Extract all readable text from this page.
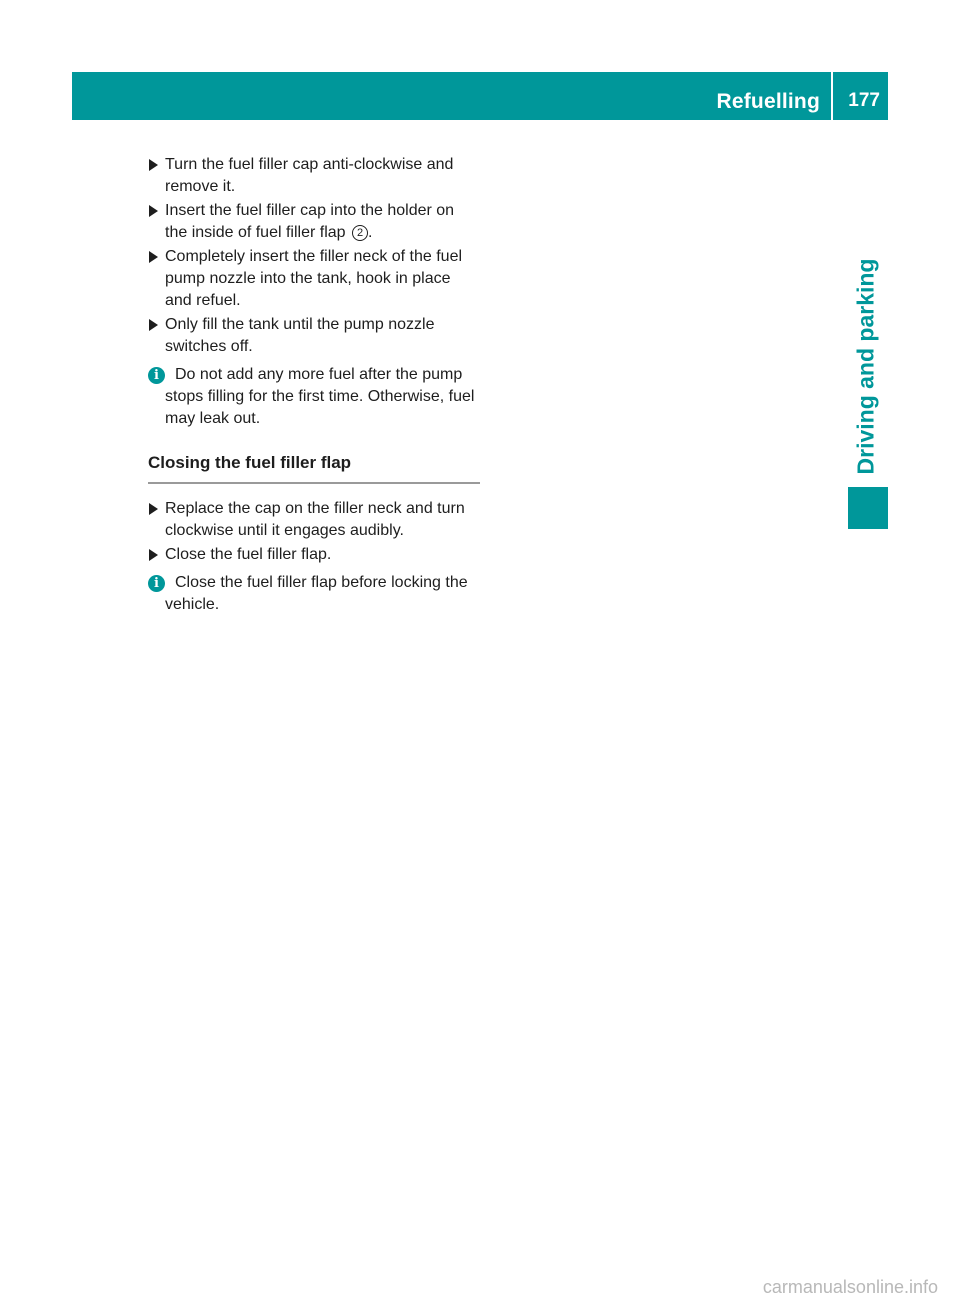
Refuelling 177
Driving and parking
Turn the fuel filler cap anti-clockwise and remove it.
Insert the fuel filler cap into the holder on the inside of fuel filler flap 2 .
Completely insert the filler neck of the fuel pump nozzle into the tank, hook in place and refuel.
Only fill the tank until the pump nozzle switches off.
i	Do not add any more fuel after the pump
stops filling for the first time. Otherwise, fuel may leak out.
Closing the fuel filler flap
Replace the cap on the filler neck and turn clockwise until it engages audibly.
Close the fuel filler flap.
i	Close the fuel filler flap before locking the
vehicle.
carmanualsonline.info
